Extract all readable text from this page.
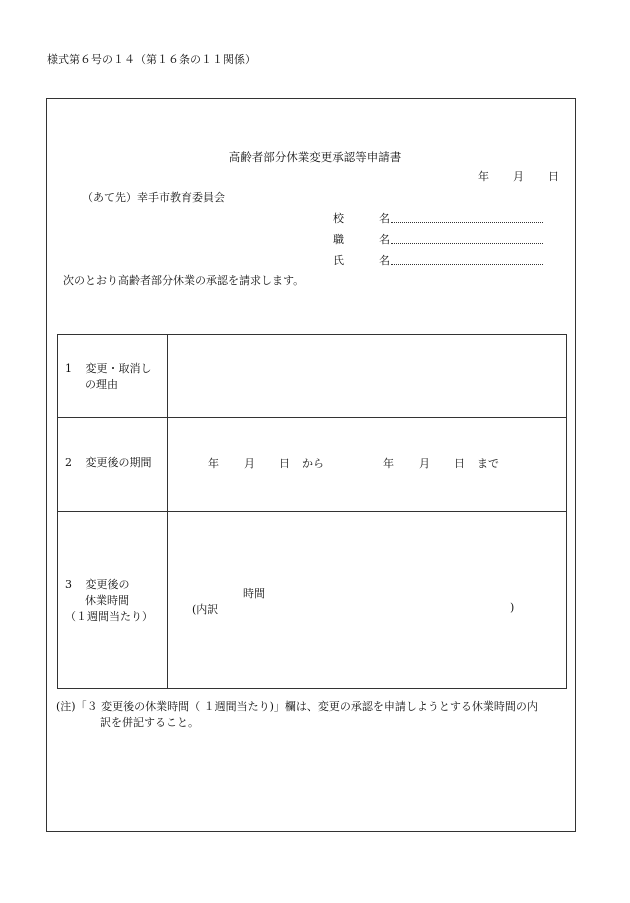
様式第６号の１４（第１６条の１１関係）
高齢者部分休業変更承認等申請書
年 月 日
（あて先）幸手市教育委員会
校	名
職	名
氏	名
次のとおり高齢者部分休業の承認を請求します。
1 変更・取消し
の理由
2 変更後の期間	年 月 日 から	年 月 日 まで
3 変更後の
休業時間
（１週間当たり）
時間
(内訳	)
(注)「３ 変更後の休業時間（ １週間当たり)」欄は、変更の承認を申請しようとする休業時間の内
訳を併記すること。
